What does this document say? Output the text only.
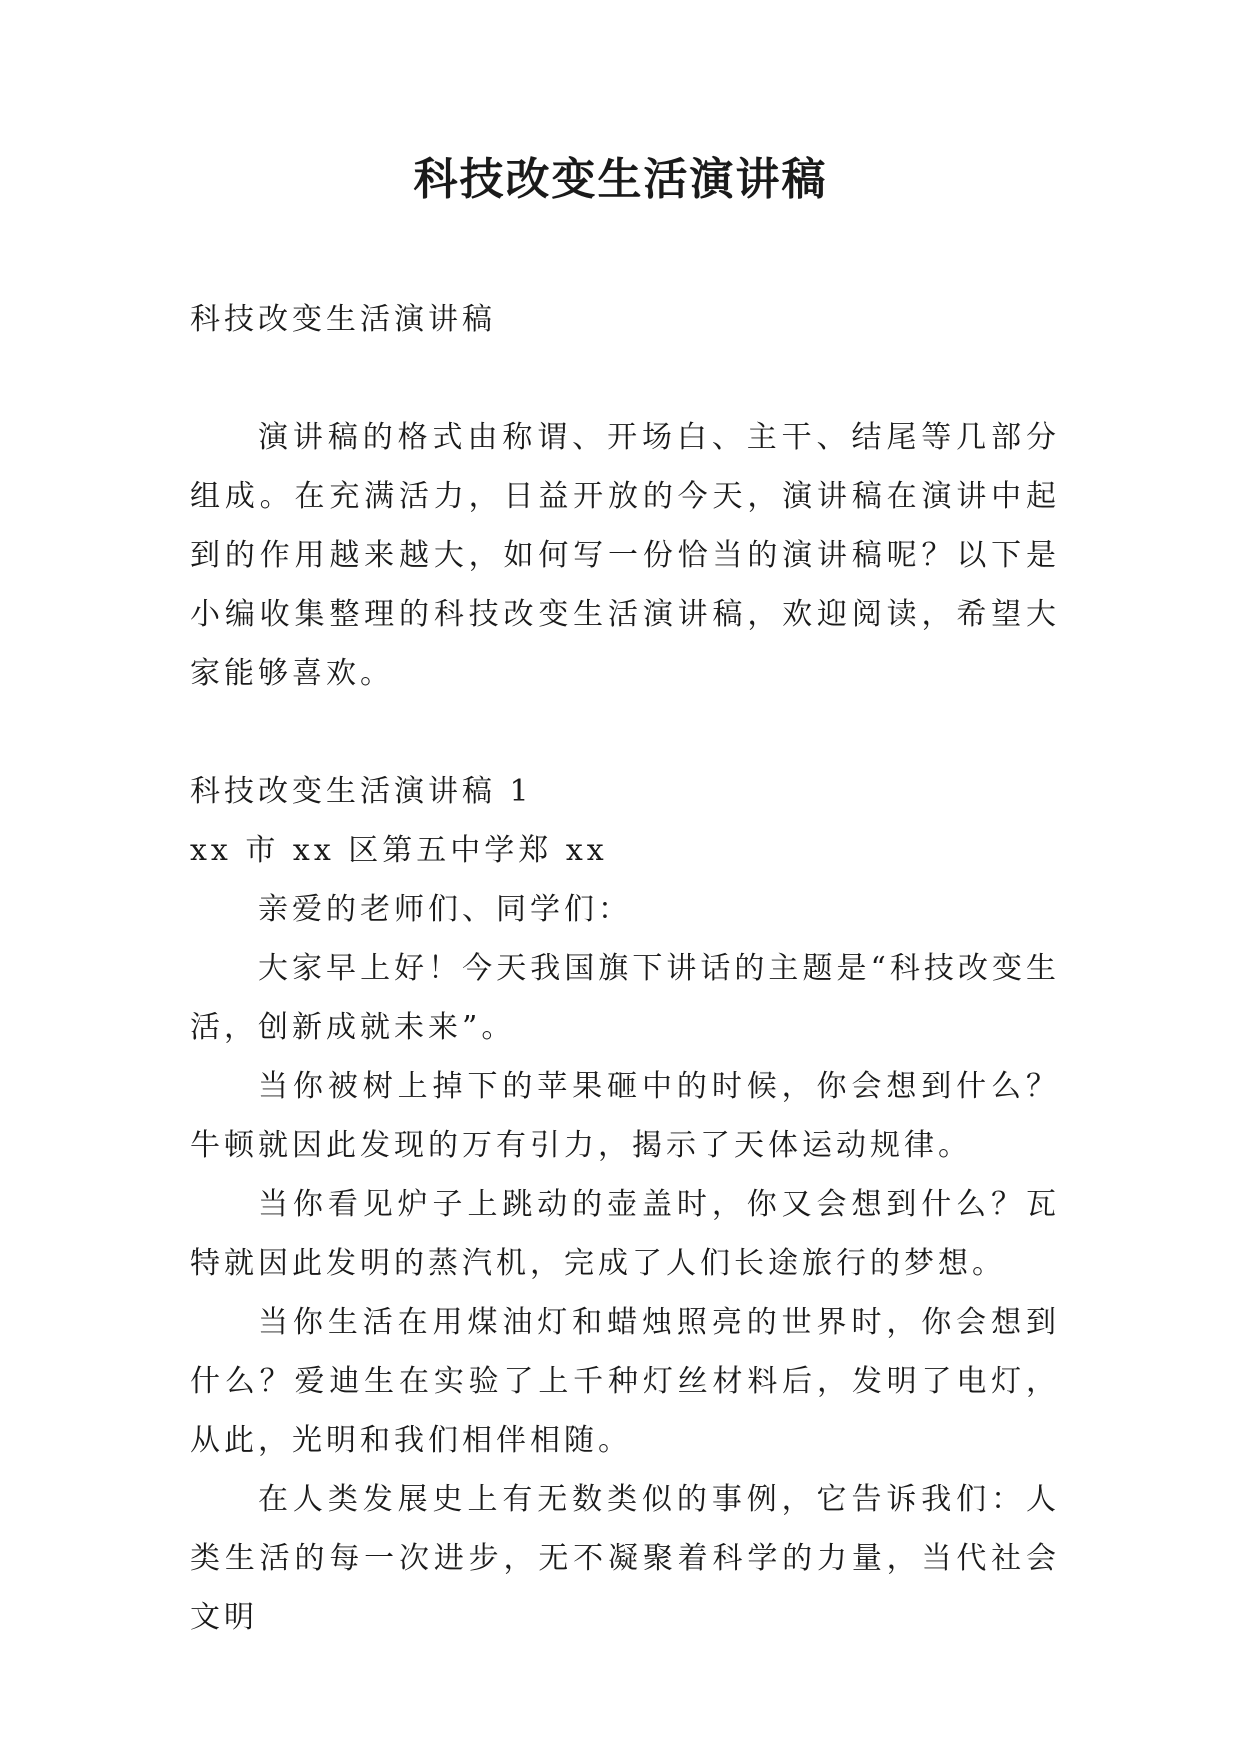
科技改变生活演讲稿

科技改变生活演讲稿

演讲稿的格式由称谓、开场白、主干、结尾等几部分组成。在充满活力，日益开放的今天，演讲稿在演讲中起到的作用越来越大，如何写一份恰当的演讲稿呢？以下是小编收集整理的科技改变生活演讲稿，欢迎阅读，希望大家能够喜欢。

科技改变生活演讲稿 1

xx 市 xx 区第五中学郑 xx

亲爱的老师们、同学们：

大家早上好！今天我国旗下讲话的主题是“科技改变生活，创新成就未来”。

当你被树上掉下的苹果砸中的时候，你会想到什么？牛顿就因此发现的万有引力，揭示了天体运动规律。

当你看见炉子上跳动的壶盖时，你又会想到什么？瓦特就因此发明的蒸汽机，完成了人们长途旅行的梦想。

当你生活在用煤油灯和蜡烛照亮的世界时，你会想到什么？爱迪生在实验了上千种灯丝材料后，发明了电灯，从此，光明和我们相伴相随。

在人类发展史上有无数类似的事例，它告诉我们：人类生活的每一次进步，无不凝聚着科学的力量，当代社会文明
